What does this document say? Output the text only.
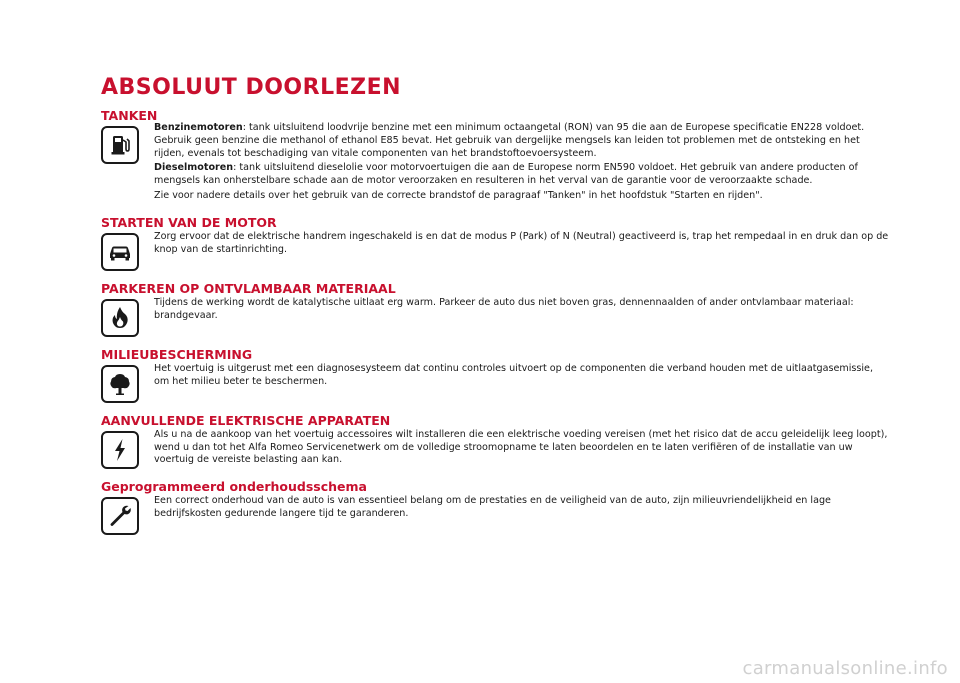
ABSOLUUT DOORLEZEN
TANKEN

Benzinemotoren: tank uitsluitend loodvrije benzine met een minimum octaangetal (RON) van 95 die aan de Europese specificatie EN228 voldoet. Gebruik geen benzine die methanol of ethanol E85 bevat. Het gebruik van dergelijke mengsels kan leiden tot problemen met de ontsteking en het rijden, evenals tot beschadiging van vitale componenten van het brandstoftoevoersysteem.

Dieselmotoren: tank uitsluitend dieselolie voor motorvoertuigen die aan de Europese norm EN590 voldoet. Het gebruik van andere producten of mengsels kan onherstelbare schade aan de motor veroorzaken en resulteren in het verval van de garantie voor de veroorzaakte schade.

Zie voor nadere details over het gebruik van de correcte brandstof de paragraaf "Tanken" in het hoofdstuk "Starten en rijden".

STARTEN VAN DE MOTOR

Zorg ervoor dat de elektrische handrem ingeschakeld is en dat de modus P (Park) of N (Neutral) geactiveerd is, trap het rempedaal in en druk dan op de knop van de startinrichting.

PARKEREN OP ONTVLAMBAAR MATERIAAL

Tijdens de werking wordt de katalytische uitlaat erg warm. Parkeer de auto dus niet boven gras, dennennaalden of ander ontvlambaar materiaal: brandgevaar.

MILIEUBESCHERMING

Het voertuig is uitgerust met een diagnosesysteem dat continu controles uitvoert op de componenten die verband houden met de uitlaatgasemissie, om het milieu beter te beschermen.

AANVULLENDE ELEKTRISCHE APPARATEN

Als u na de aankoop van het voertuig accessoires wilt installeren die een elektrische voeding vereisen (met het risico dat de accu geleidelijk leeg loopt), wend u dan tot het Alfa Romeo Servicenetwerk om de volledige stroomopname te laten beoordelen en te laten verifiëren of de installatie van uw voertuig de vereiste belasting aan kan.

Geprogrammeerd onderhoudsschema

Een correct onderhoud van de auto is van essentieel belang om de prestaties en de veiligheid van de auto, zijn milieuvriendelijkheid en lage bedrijfskosten gedurende langere tijd te garanderen.

carmanualsonline.info
